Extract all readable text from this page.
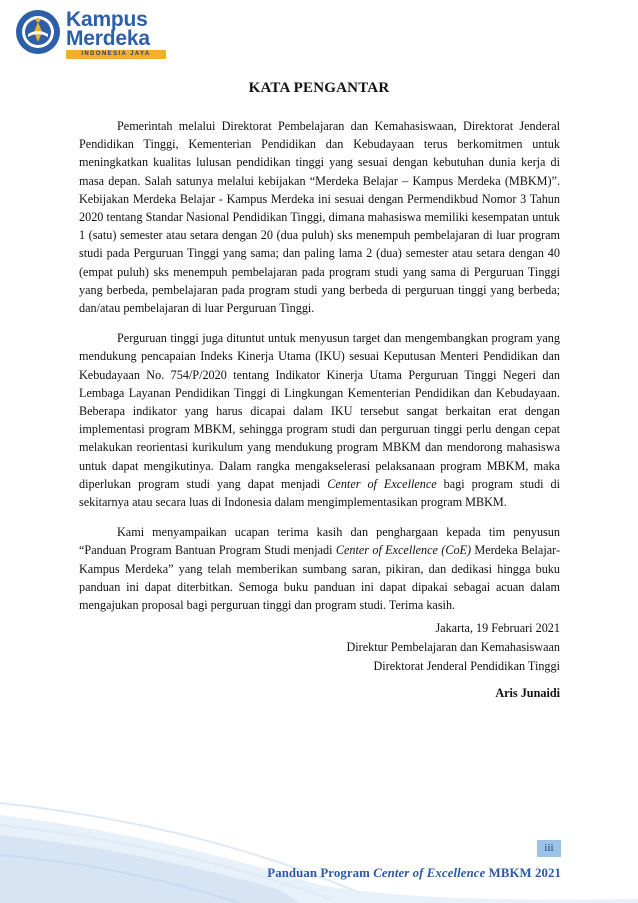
Kampus
Merdeka
INDONESIA JAYA
KATA PENGANTAR

Pemerintah melalui Direktorat Pembelajaran dan Kemahasiswaan, Direktorat Jenderal Pendidikan Tinggi, Kementerian Pendidikan dan Kebudayaan terus berkomitmen untuk meningkatkan kualitas lulusan pendidikan tinggi yang sesuai dengan kebutuhan dunia kerja di masa depan. Salah satunya melalui kebijakan “Merdeka Belajar – Kampus Merdeka (MBKM)”. Kebijakan Merdeka Belajar - Kampus Merdeka ini sesuai dengan Permendikbud Nomor 3 Tahun 2020 tentang Standar Nasional Pendidikan Tinggi, dimana mahasiswa memiliki kesempatan untuk 1 (satu) semester atau setara dengan 20 (dua puluh) sks menempuh pembelajaran di luar program studi pada Perguruan Tinggi yang sama; dan paling lama 2 (dua) semester atau setara dengan 40 (empat puluh) sks menempuh pembelajaran pada program studi yang sama di Perguruan Tinggi yang berbeda, pembelajaran pada program studi yang berbeda di perguruan tinggi yang berbeda; dan/atau pembelajaran di luar Perguruan Tinggi.

Perguruan tinggi juga dituntut untuk menyusun target dan mengembangkan program yang mendukung pencapaian Indeks Kinerja Utama (IKU) sesuai Keputusan Menteri Pendidikan dan Kebudayaan No. 754/P/2020 tentang Indikator Kinerja Utama Perguruan Tinggi Negeri dan Lembaga Layanan Pendidikan Tinggi di Lingkungan Kementerian Pendidikan dan Kebudayaan. Beberapa indikator yang harus dicapai dalam IKU tersebut sangat berkaitan erat dengan implementasi program MBKM, sehingga program studi dan perguruan tinggi perlu dengan cepat melakukan reorientasi kurikulum yang mendukung program MBKM dan mendorong mahasiswa untuk dapat mengikutinya. Dalam rangka mengakselerasi pelaksanaan program MBKM, maka diperlukan program studi yang dapat menjadi Center of Excellence bagi program studi di sekitarnya atau secara luas di Indonesia dalam mengimplementasikan program MBKM.

Kami menyampaikan ucapan terima kasih dan penghargaan kepada tim penyusun “Panduan Program Bantuan Program Studi menjadi Center of Excellence (CoE) Merdeka Belajar-Kampus Merdeka” yang telah memberikan sumbang saran, pikiran, dan dedikasi hingga buku panduan ini dapat diterbitkan. Semoga buku panduan ini dapat dipakai sebagai acuan dalam mengajukan proposal bagi perguruan tinggi dan program studi. Terima kasih.

Jakarta, 19 Februari 2021
Direktur Pembelajaran dan Kemahasiswaan
Direktorat Jenderal Pendidikan Tinggi
Aris Junaidi
iii
Panduan Program Center of Excellence MBKM 2021
